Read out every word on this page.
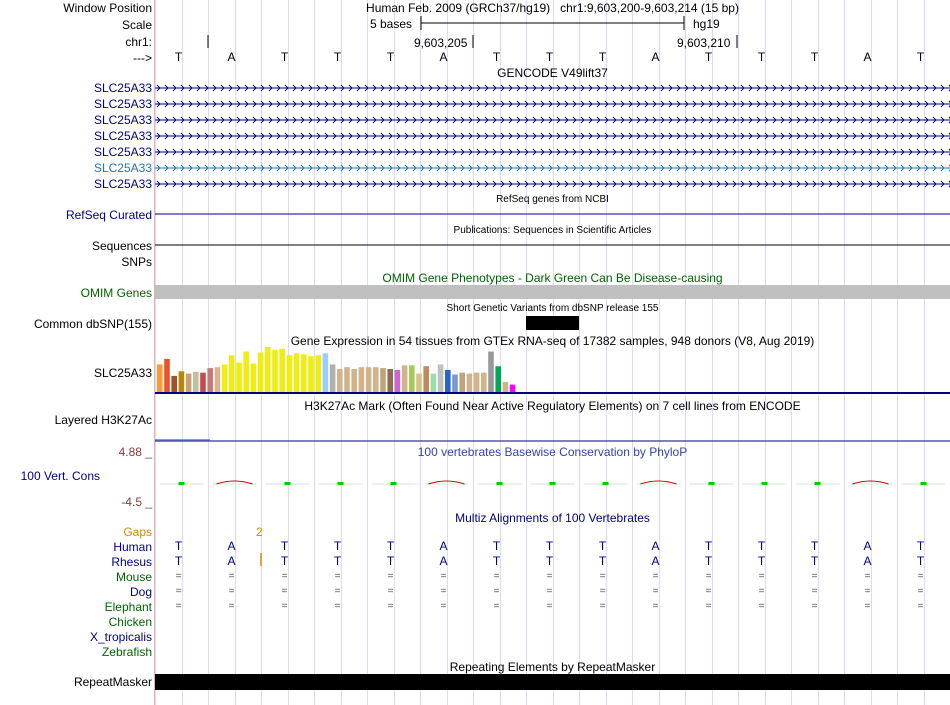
Window Position
Scale
chr1:
--->
SLC25A33
SLC25A33
SLC25A33
SLC25A33
SLC25A33
SLC25A33
SLC25A33
RefSeq Curated
Sequences
SNPs
OMIM Genes
Common dbSNP(155)
SLC25A33
Layered H3K27Ac
4.88 _
100 Vert. Cons
-4.5 _
Gaps
Human
Rhesus
Mouse
Dog
Elephant
Chicken
X_tropicalis
Zebrafish
RepeatMasker
Human Feb. 2009 (GRCh37/hg19)   chr1:9,603,200-9,603,214 (15 bp)
5 bases	hg19
9,603,205	9,603,210
T	A	T	T	T	A	T	T	T	A	T	T	T	A	T
GENCODE V49lift37
RefSeq genes from NCBI
Publications: Sequences in Scientific Articles
OMIM Gene Phenotypes - Dark Green Can Be Disease-causing
Short Genetic Variants from dbSNP release 155
Gene Expression in 54 tissues from GTEx RNA-seq of 17382 samples, 948 donors (V8, Aug 2019)
H3K27Ac Mark (Often Found Near Active Regulatory Elements) on 7 cell lines from ENCODE
100 vertebrates Basewise Conservation by PhyloP
Multiz Alignments of 100 Vertebrates
2
T	A	T	T	T	A	T	T	T	A	T	T	T	A	T
T	A	T	T	T	A	T	T	T	A	T	T	T	A	T
=	=	=	=	=	=	=	=	=	=	=	=	=	=	=
=	=	=	=	=	=	=	=	=	=	=	=	=	=	=
=	=	=	=	=	=	=	=	=	=	=	=	=	=	=
Repeating Elements by RepeatMasker
